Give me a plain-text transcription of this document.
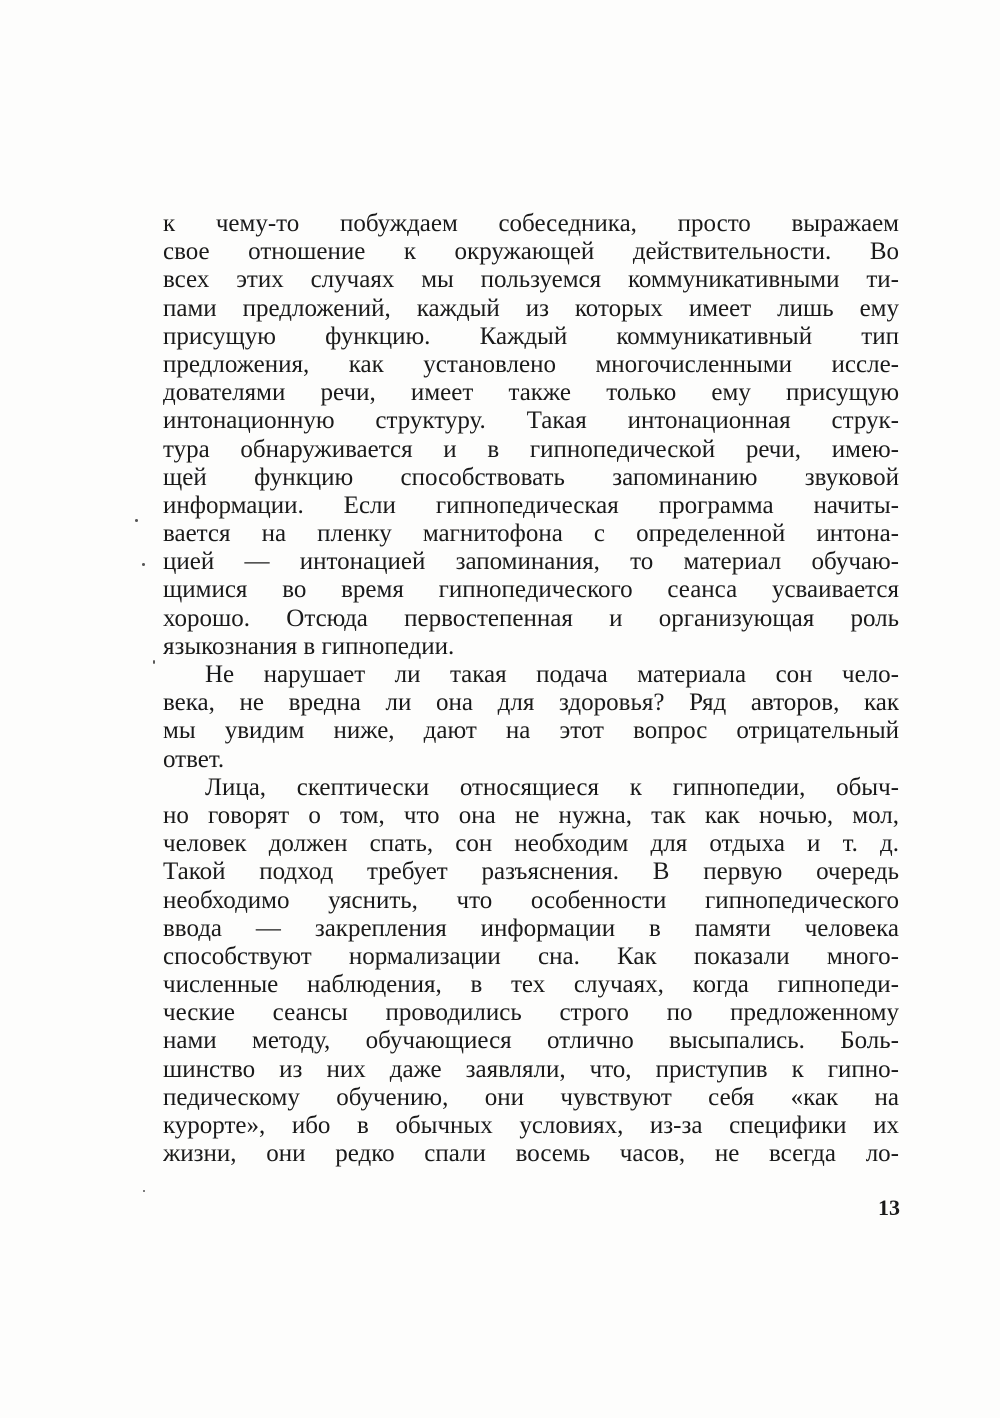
к чему-то побуждаем собеседника, просто выражаем
свое отношение к окружающей действительности. Во
всех этих случаях мы пользуемся коммуникативными ти-
пами предложений, каждый из которых имеет лишь ему
присущую функцию. Каждый коммуникативный тип
предложения, как установлено многочисленными иссле-
дователями речи, имеет также только ему присущую
интонационную структуру. Такая интонационная струк-
тура обнаруживается и в гипнопедической речи, имею-
щей функцию способствовать запоминанию звуковой
информации. Если гипнопедическая программа начиты-
вается на пленку магнитофона с определенной интона-
цией — интонацией запоминания, то материал обучаю-
щимися во время гипнопедического сеанса усваивается
хорошо. Отсюда первостепенная и организующая роль
языкознания в гипнопедии.
Не нарушает ли такая подача материала сон чело-
века, не вредна ли она для здоровья? Ряд авторов, как
мы увидим ниже, дают на этот вопрос отрицательный
ответ.
Лица, скептически относящиеся к гипнопедии, обыч-
но говорят о том, что она не нужна, так как ночью, мол,
человек должен спать, сон необходим для отдыха и т. д.
Такой подход требует разъяснения. В первую очередь
необходимо уяснить, что особенности гипнопедического
ввода — закрепления информации в памяти человека
способствуют нормализации сна. Как показали много-
численные наблюдения, в тех случаях, когда гипнопеди-
ческие сеансы проводились строго по предложенному
нами методу, обучающиеся отлично высыпались. Боль-
шинство из них даже заявляли, что, приступив к гипно-
педическому обучению, они чувствуют себя «как на
курорте», ибо в обычных условиях, из-за специфики их
жизни, они редко спали восемь часов, не всегда ло-
13
